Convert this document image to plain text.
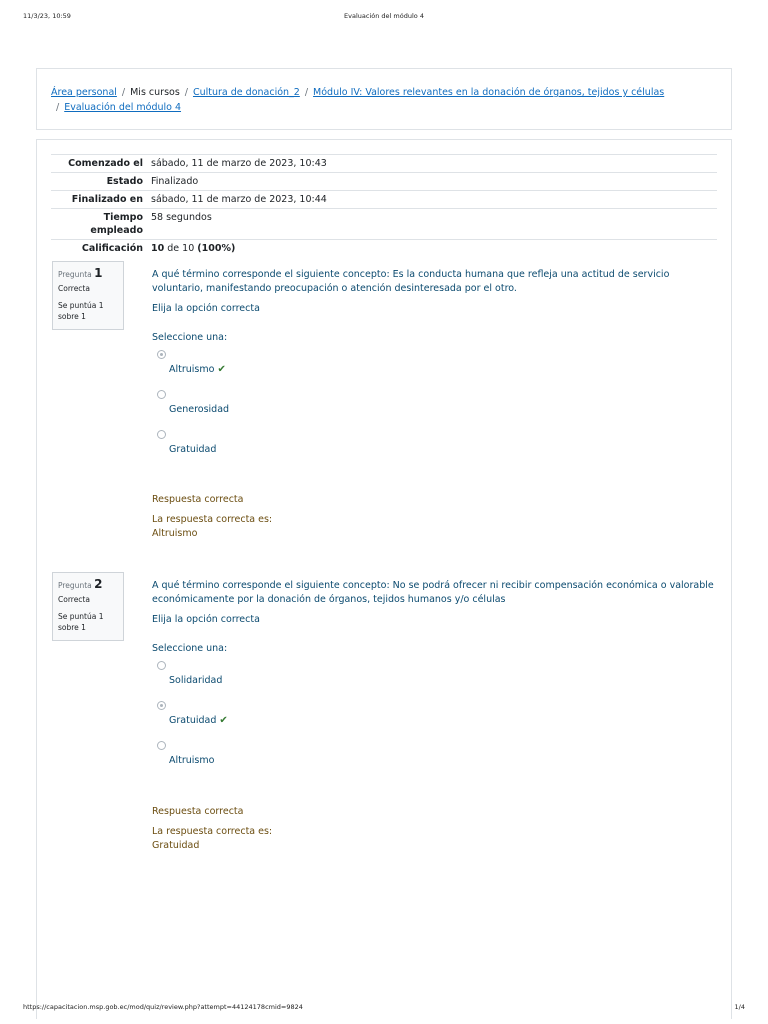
11/3/23, 10:59	Evaluación del módulo 4
Área personal / Mis cursos / Cultura de donación_2 / Módulo IV: Valores relevantes en la donación de órganos, tejidos y células
/ Evaluación del módulo 4
Comenzado el	sábado, 11 de marzo de 2023, 10:43
Estado	Finalizado
Finalizado en	sábado, 11 de marzo de 2023, 10:44
Tiempo empleado	58 segundos
Calificación	10 de 10 (100%)
Pregunta 1
Correcta
Se puntúa 1 sobre 1
A qué término corresponde el siguiente concepto: Es la conducta humana que refleja una actitud de servicio voluntario, manifestando preocupación o atención desinteresada por el otro.
Elija la opción correcta
Seleccione una:
Altruismo ✔
Generosidad
Gratuidad
Respuesta correcta
La respuesta correcta es:
Altruismo
Pregunta 2
Correcta
Se puntúa 1 sobre 1
A qué término corresponde el siguiente concepto: No se podrá ofrecer ni recibir compensación económica o valorable económicamente por la donación de órganos, tejidos humanos y/o células
Elija la opción correcta
Seleccione una:
Solidaridad
Gratuidad ✔
Altruismo
Respuesta correcta
La respuesta correcta es:
Gratuidad
https://capacitacion.msp.gob.ec/mod/quiz/review.php?attempt=44124178cmid=9824	1/4
